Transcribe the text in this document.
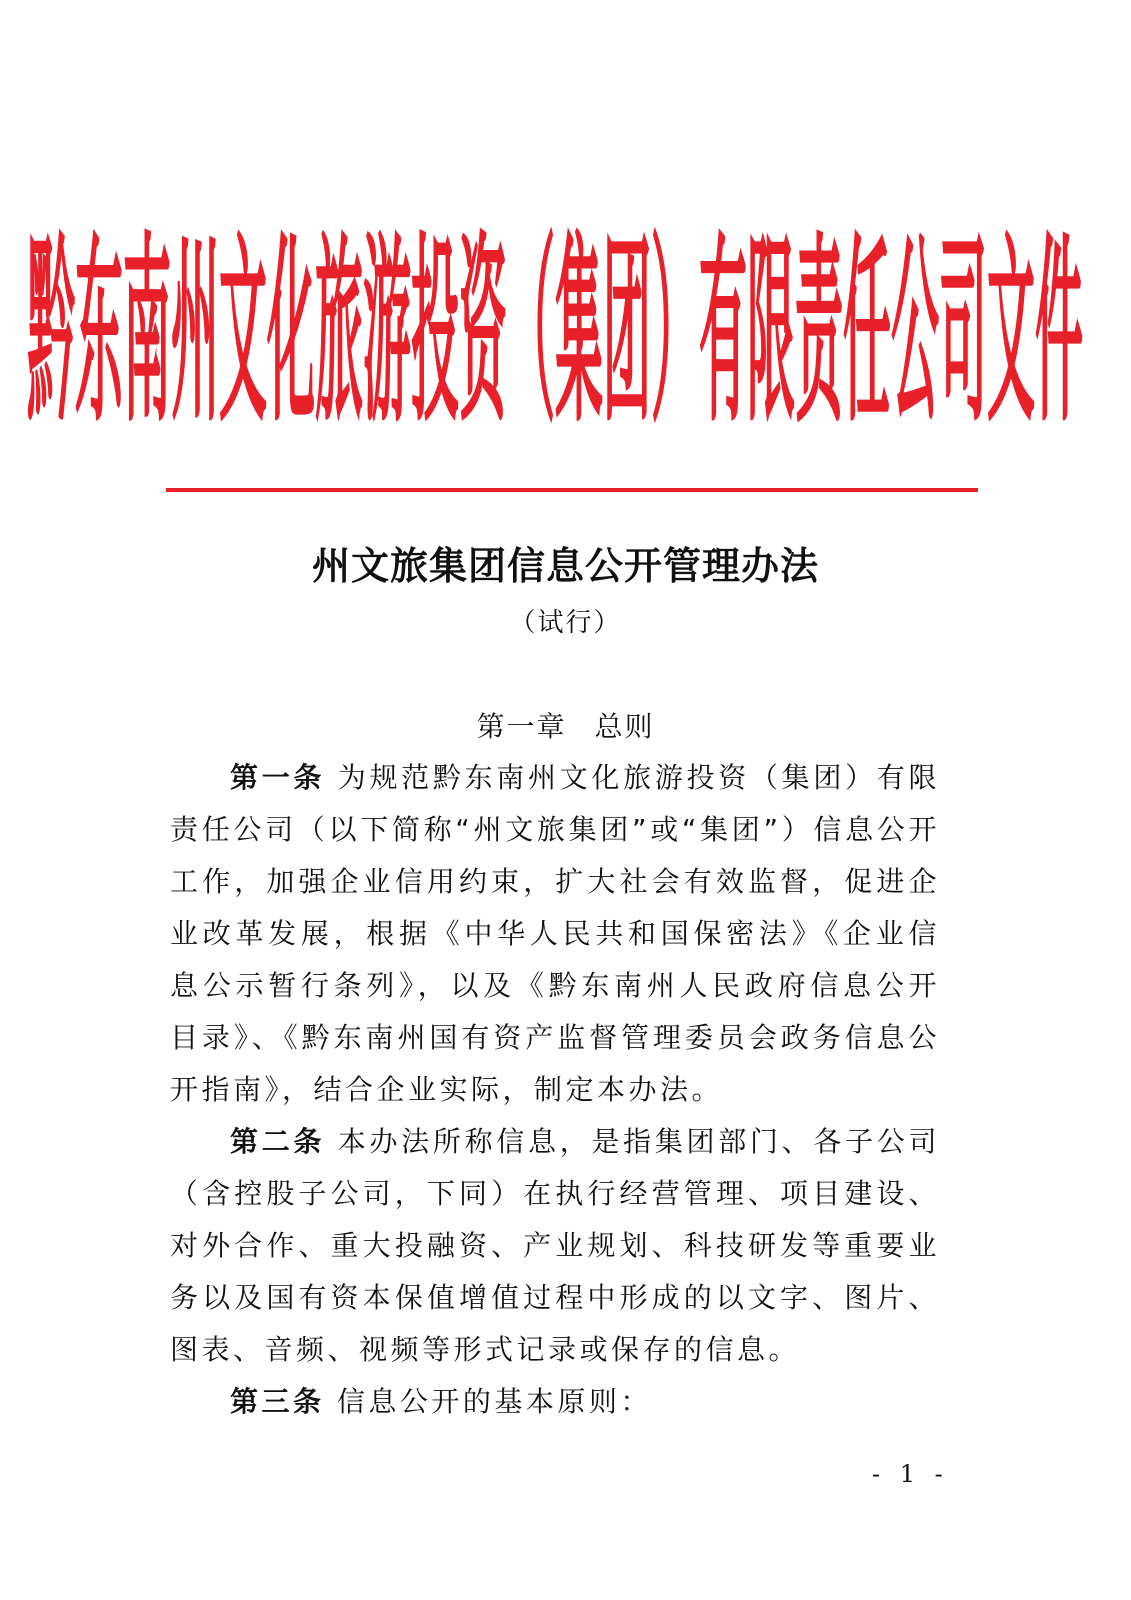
黔东南州文化旅游投资（集团）有限责任公司文件
州文旅集团信息公开管理办法
（试行）
第一章 总则

第一条 为规范黔东南州文化旅游投资（集团）有限责任公司（以下简称“州文旅集团”或“集团”）信息公开工作，加强企业信用约束，扩大社会有效监督，促进企业改革发展，根据《中华人民共和国保密法》《企业信息公示暂行条列》，以及《黔东南州人民政府信息公开目录》、《黔东南州国有资产监督管理委员会政务信息公开指南》，结合企业实际，制定本办法。

第二条 本办法所称信息，是指集团部门、各子公司（含控股子公司，下同）在执行经营管理、项目建设、对外合作、重大投融资、产业规划、科技研发等重要业务以及国有资本保值增值过程中形成的以文字、图片、图表、音频、视频等形式记录或保存的信息。

第三条 信息公开的基本原则：

- 1 -
